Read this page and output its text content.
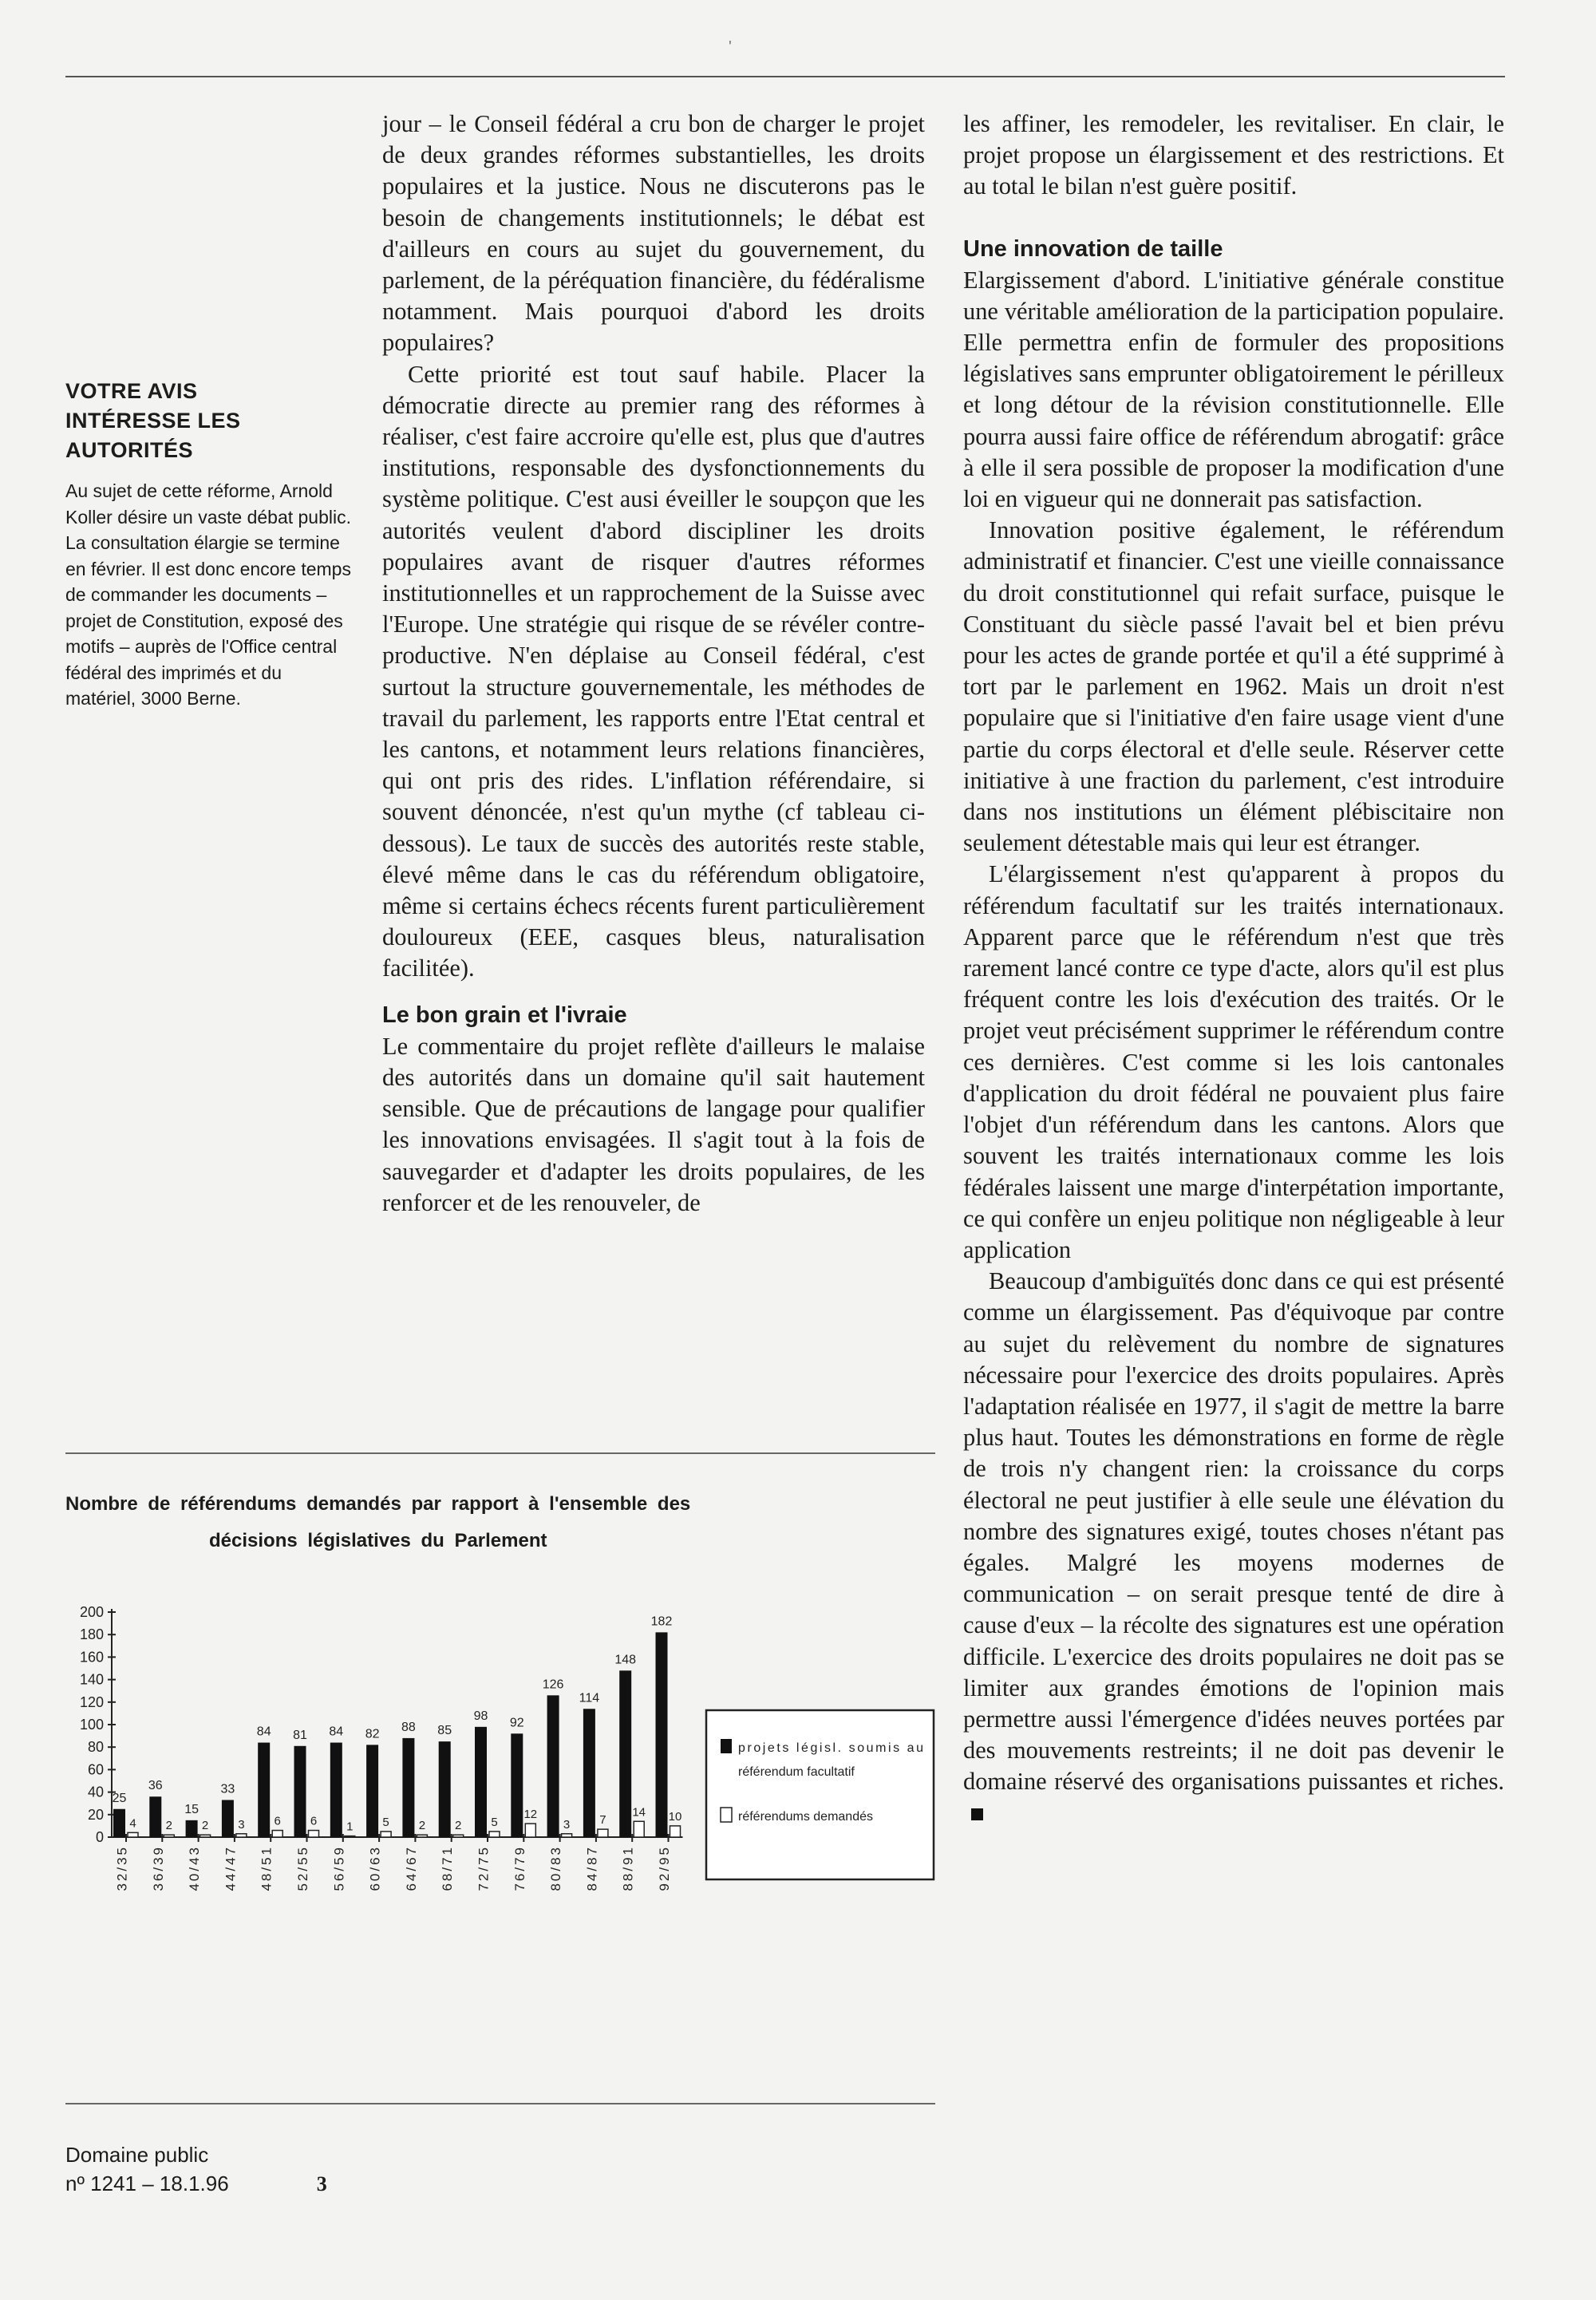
'
VOTRE AVIS
INTÉRESSE LES
AUTORITÉS

Au sujet de cette réforme, Arnold Koller désire un vaste débat public. La consultation élargie se termine en février. Il est donc encore temps de commander les documents – projet de Constitution, exposé des motifs – auprès de l'Office central fédéral des imprimés et du matériel, 3000 Berne.

jour – le Conseil fédéral a cru bon de charger le projet de deux grandes réformes substantielles, les droits populaires et la justice. Nous ne discuterons pas le besoin de changements institutionnels; le débat est d'ailleurs en cours au sujet du gouvernement, du parlement, de la péréquation financière, du fédéralisme notamment. Mais pourquoi d'abord les droits populaires?

Cette priorité est tout sauf habile. Placer la démocratie directe au premier rang des réformes à réaliser, c'est faire accroire qu'elle est, plus que d'autres institutions, responsable des dysfonctionnements du système politique. C'est ausi éveiller le soupçon que les autorités veulent d'abord discipliner les droits populaires avant de risquer d'autres réformes institutionnelles et un rapprochement de la Suisse avec l'Europe. Une stratégie qui risque de se révéler contre-productive. N'en déplaise au Conseil fédéral, c'est surtout la structure gouvernementale, les méthodes de travail du parlement, les rapports entre l'Etat central et les cantons, et notamment leurs relations financières, qui ont pris des rides. L'inflation référendaire, si souvent dénoncée, n'est qu'un mythe (cf tableau ci-dessous). Le taux de succès des autorités reste stable, élevé même dans le cas du référendum obligatoire, même si certains échecs récents furent particulièrement douloureux (EEE, casques bleus, naturalisation facilitée).

Le bon grain et l'ivraie

Le commentaire du projet reflète d'ailleurs le malaise des autorités dans un domaine qu'il sait hautement sensible. Que de précautions de langage pour qualifier les innovations envisagées. Il s'agit tout à la fois de sauvegarder et d'adapter les droits populaires, de les renforcer et de les renouveler, de

les affiner, les remodeler, les revitaliser. En clair, le projet propose un élargissement et des restrictions. Et au total le bilan n'est guère positif.

Une innovation de taille

Elargissement d'abord. L'initiative générale constitue une véritable amélioration de la participation populaire. Elle permettra enfin de formuler des propositions législatives sans emprunter obligatoirement le périlleux et long détour de la révision constitutionnelle. Elle pourra aussi faire office de référendum abrogatif: grâce à elle il sera possible de proposer la modification d'une loi en vigueur qui ne donnerait pas satisfaction.

Innovation positive également, le référendum administratif et financier. C'est une vieille connaissance du droit constitutionnel qui refait surface, puisque le Constituant du siècle passé l'avait bel et bien prévu pour les actes de grande portée et qu'il a été supprimé à tort par le parlement en 1962. Mais un droit n'est populaire que si l'initiative d'en faire usage vient d'une partie du corps électoral et d'elle seule. Réserver cette initiative à une fraction du parlement, c'est introduire dans nos institutions un élément plébiscitaire non seulement détestable mais qui leur est étranger.

L'élargissement n'est qu'apparent à propos du référendum facultatif sur les traités internationaux. Apparent parce que le référendum n'est que très rarement lancé contre ce type d'acte, alors qu'il est plus fréquent contre les lois d'exécution des traités. Or le projet veut précisément supprimer le référendum contre ces dernières. C'est comme si les lois cantonales d'application du droit fédéral ne pouvaient plus faire l'objet d'un référendum dans les cantons. Alors que souvent les traités internationaux comme les lois fédérales laissent une marge d'interpétation importante, ce qui confère un enjeu politique non négligeable à leur application

Beaucoup d'ambiguïtés donc dans ce qui est présenté comme un élargissement. Pas d'équivoque par contre au sujet du relèvement du nombre de signatures nécessaire pour l'exercice des droits populaires. Après l'adaptation réalisée en 1977, il s'agit de mettre la barre plus haut. Toutes les démonstrations en forme de règle de trois n'y changent rien: la croissance du corps électoral ne peut justifier à elle seule une élévation du nombre des signatures exigé, toutes choses n'étant pas égales. Malgré les moyens modernes de communication – on serait presque tenté de dire à cause d'eux – la récolte des signatures est une opération difficile. L'exercice des droits populaires ne doit pas se limiter aux grandes émotions de l'opinion mais permettre aussi l'émergence d'idées neuves portées par des mouvements restreints; il ne doit pas devenir le domaine réservé des organisations puissantes et riches.

Nombre de référendums demandés par rapport à l'ensemble des
décisions législatives du Parlement
0
20
40
60
80
100
120
140
160
180
200
25
4
32/35
36
2
36/39
15
2
40/43
33
3
44/47
84
6
48/51
81
6
52/55
84
1
56/59
82
5
60/63
88
2
64/67
85
2
68/71
98
5
72/75
92
12
76/79
126
3
80/83
114
7
84/87
148
14
88/91
182
10
92/95
projets législ. soumis au
référendum facultatif
référendums demandés
Domaine public
nº 1241 – 18.1.96	3
